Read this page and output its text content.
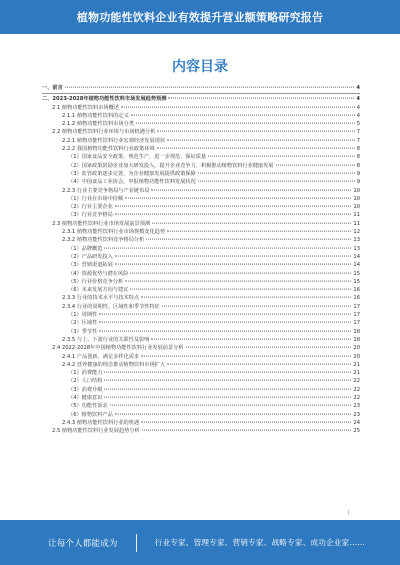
植物功能性饮料企业有效提升营业额策略研究报告
内容目录
一、前言	4
二、2023-2028年植物功能性饮料市场发展趋势预测	4
2.1 植物功能性饮料市场概述	4
2.1.1 植物功能性饮料的定义	4
2.1.2 植物功能性饮料市场分类	5
2.2 植物功能性饮料行业环境与市场机遇分析	7
2.2.1 植物功能性饮料行业宏观经济发展现状	7
2.2.2 我国植物功能性饮料行业政策环境	8
（1）国家食品安全政策，规范生产，进一步规范、保证质量	8
（2）国家政策鼓励企业加大研发投入，提升企业竞争力，积极推动植物饮料行业健康发展	8
（3）监管政策逐步完善，为企业健康发展提供政策保障	9
（4）中国食品工业协会，申报植物功能性饮料发展状况	9
2.2.3 行业主要竞争格局与产业链布局	10
（1）行业在市场中份额	10
（2）行业主要企业	10
（3）行业竞争格局	11
2.3 植物功能性饮料行业市场发展前景预测	11
2.3.1 植物功能性饮料行业市场规模变化趋势	12
2.3.2 植物功能性饮料竞争格局分析	13
（1）品牌概览	13
（2）产品研发投入	14
（3）营销渠道拓展	14
（4）资源优势与潜在风险	15
（5）行业价格竞争分析	15
（6）未来发展方向与建议	16
2.3.3 行业的技术水平与技术特点	16
2.3.4 行业的周期性、区域性和季节性特征	17
（1）周期性	17
（2）区域性	17
（3）季节性	18
2.3.5 与上、下游行业的关联性及影响	18
2.4 2022-2028年中国植物功能性饮料行业发展前景分析	20
2.4.1 产品创新，满足多样化需求	20
2.4.2 营养健康的理念推动植物饮料市场扩大	21
（1）消费能力	21
（2）人口结构	22
（3）消费升级	22
（4）健康意识	22
（5）功能性诉求	23
（6）植物饮料产品	23
2.4.3 植物功能性饮料行业的机遇	24
2.5 植物功能性饮料行业发展趋势分析	25
1
让每个人都能成为	行业专家、管理专家、营销专家、战略专家、成功企业家……
